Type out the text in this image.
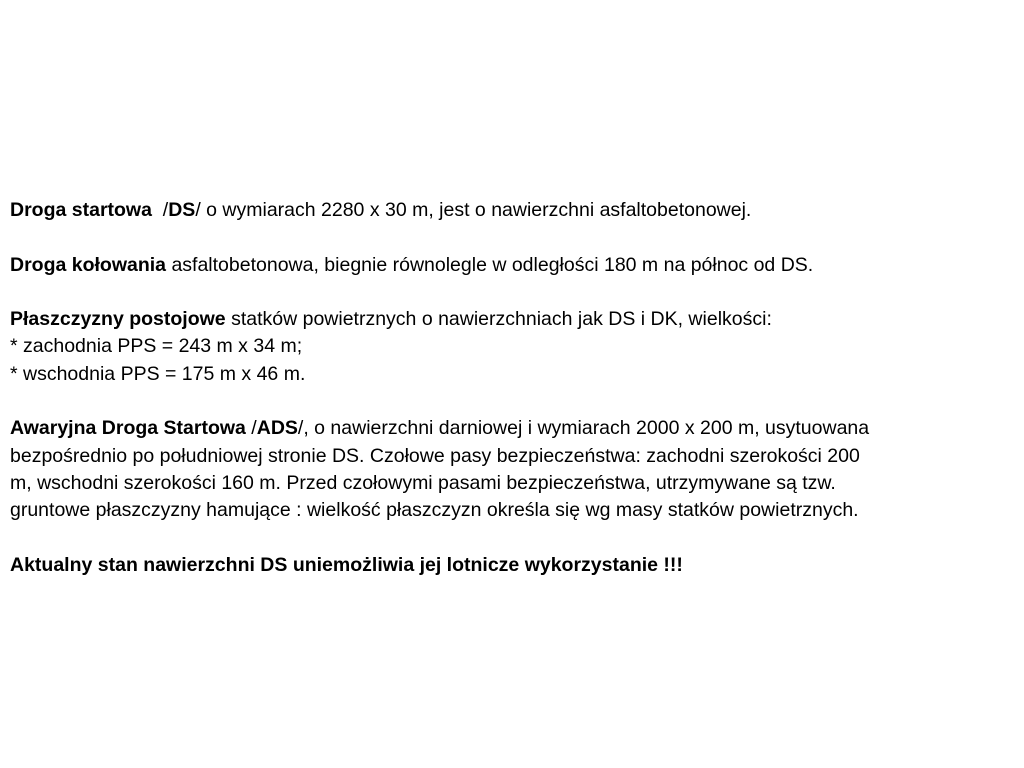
Droga startowa  /DS/ o wymiarach 2280 x 30 m, jest o nawierzchni asfaltobetonowej.
Droga kołowania asfaltobetonowa, biegnie równolegle w odległości 180 m na północ od DS.
Płaszczyzny postojowe statków powietrznych o nawierzchniach jak DS i DK, wielkości:
* zachodnia PPS = 243 m x 34 m;
* wschodnia PPS = 175 m x 46 m.
Awaryjna Droga Startowa /ADS/, o nawierzchni darniowej i wymiarach 2000 x 200 m, usytuowana
bezpośrednio po południowej stronie DS. Czołowe pasy bezpieczeństwa: zachodni szerokości 200
m, wschodni szerokości 160 m. Przed czołowymi pasami bezpieczeństwa, utrzymywane są tzw.
gruntowe płaszczyzny hamujące : wielkość płaszczyzn określa się wg masy statków powietrznych.
Aktualny stan nawierzchni DS uniemożliwia jej lotnicze wykorzystanie !!!
